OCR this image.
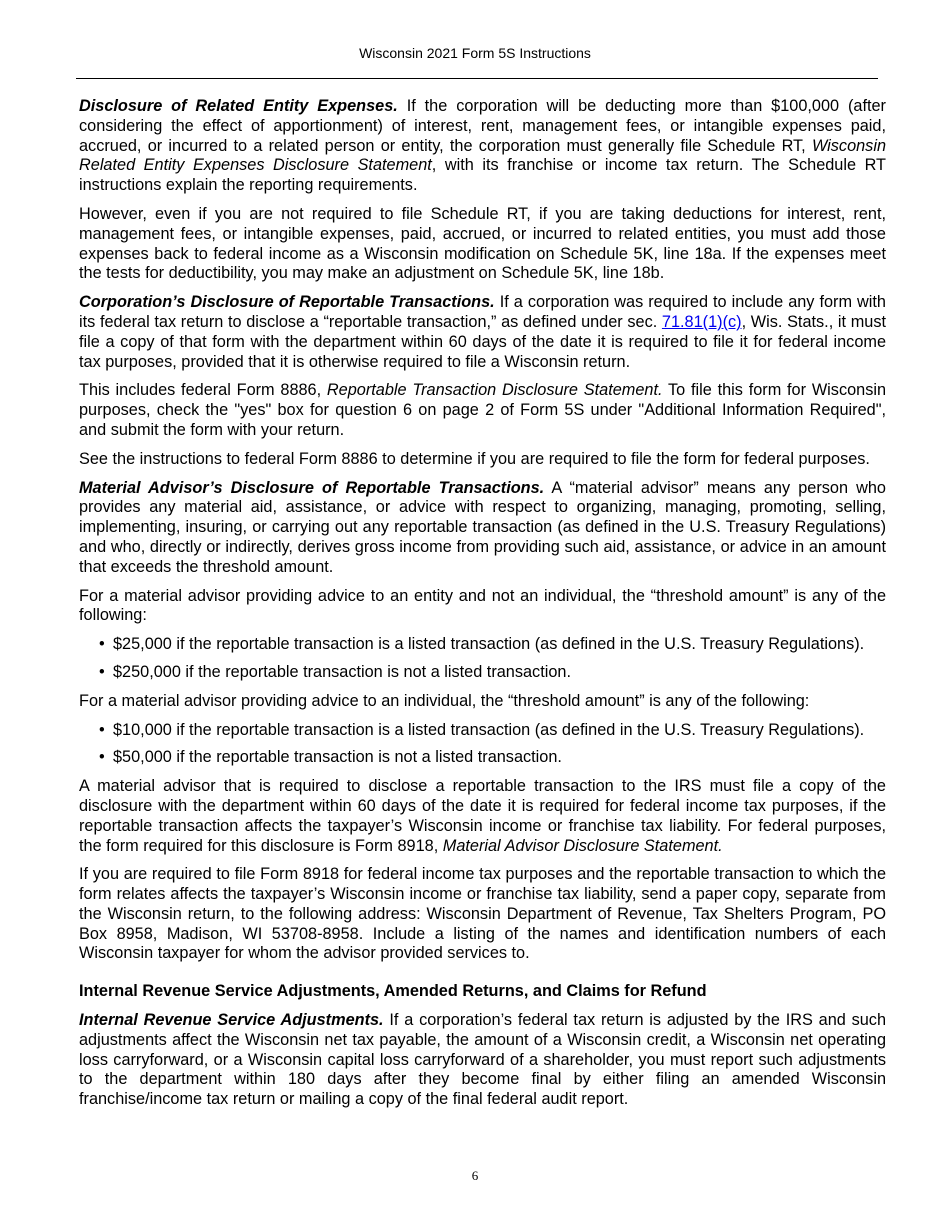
Wisconsin 2021 Form 5S Instructions

Disclosure of Related Entity Expenses. If the corporation will be deducting more than $100,000 (after considering the effect of apportionment) of interest, rent, management fees, or intangible expenses paid, accrued, or incurred to a related person or entity, the corporation must generally file Schedule RT, Wisconsin Related Entity Expenses Disclosure Statement, with its franchise or income tax return. The Schedule RT instructions explain the reporting requirements.

However, even if you are not required to file Schedule RT, if you are taking deductions for interest, rent, management fees, or intangible expenses, paid, accrued, or incurred to related entities, you must add those expenses back to federal income as a Wisconsin modification on Schedule 5K, line 18a. If the expenses meet the tests for deductibility, you may make an adjustment on Schedule 5K, line 18b.

Corporation’s Disclosure of Reportable Transactions. If a corporation was required to include any form with its federal tax return to disclose a “reportable transaction,” as defined under sec. 71.81(1)(c), Wis. Stats., it must file a copy of that form with the department within 60 days of the date it is required to file it for federal income tax purposes, provided that it is otherwise required to file a Wisconsin return.

This includes federal Form 8886, Reportable Transaction Disclosure Statement. To file this form for Wisconsin purposes, check the "yes" box for question 6 on page 2 of Form 5S under "Additional Information Required", and submit the form with your return.

See the instructions to federal Form 8886 to determine if you are required to file the form for federal purposes.

Material Advisor’s Disclosure of Reportable Transactions. A “material advisor” means any person who provides any material aid, assistance, or advice with respect to organizing, managing, promoting, selling, implementing, insuring, or carrying out any reportable transaction (as defined in the U.S. Treasury Regulations) and who, directly or indirectly, derives gross income from providing such aid, assistance, or advice in an amount that exceeds the threshold amount.

For a material advisor providing advice to an entity and not an individual, the “threshold amount” is any of the following:

• $25,000 if the reportable transaction is a listed transaction (as defined in the U.S. Treasury Regulations).
• $250,000 if the reportable transaction is not a listed transaction.

For a material advisor providing advice to an individual, the “threshold amount” is any of the following:

• $10,000 if the reportable transaction is a listed transaction (as defined in the U.S. Treasury Regulations).
• $50,000 if the reportable transaction is not a listed transaction.

A material advisor that is required to disclose a reportable transaction to the IRS must file a copy of the disclosure with the department within 60 days of the date it is required for federal income tax purposes, if the reportable transaction affects the taxpayer’s Wisconsin income or franchise tax liability. For federal purposes, the form required for this disclosure is Form 8918, Material Advisor Disclosure Statement.

If you are required to file Form 8918 for federal income tax purposes and the reportable transaction to which the form relates affects the taxpayer’s Wisconsin income or franchise tax liability, send a paper copy, separate from the Wisconsin return, to the following address: Wisconsin Department of Revenue, Tax Shelters Program, PO Box 8958, Madison, WI 53708-8958. Include a listing of the names and identification numbers of each Wisconsin taxpayer for whom the advisor provided services to.

Internal Revenue Service Adjustments, Amended Returns, and Claims for Refund

Internal Revenue Service Adjustments. If a corporation’s federal tax return is adjusted by the IRS and such adjustments affect the Wisconsin net tax payable, the amount of a Wisconsin credit, a Wisconsin net operating loss carryforward, or a Wisconsin capital loss carryforward of a shareholder, you must report such adjustments to the department within 180 days after they become final by either filing an amended Wisconsin franchise/income tax return or mailing a copy of the final federal audit report.

6
